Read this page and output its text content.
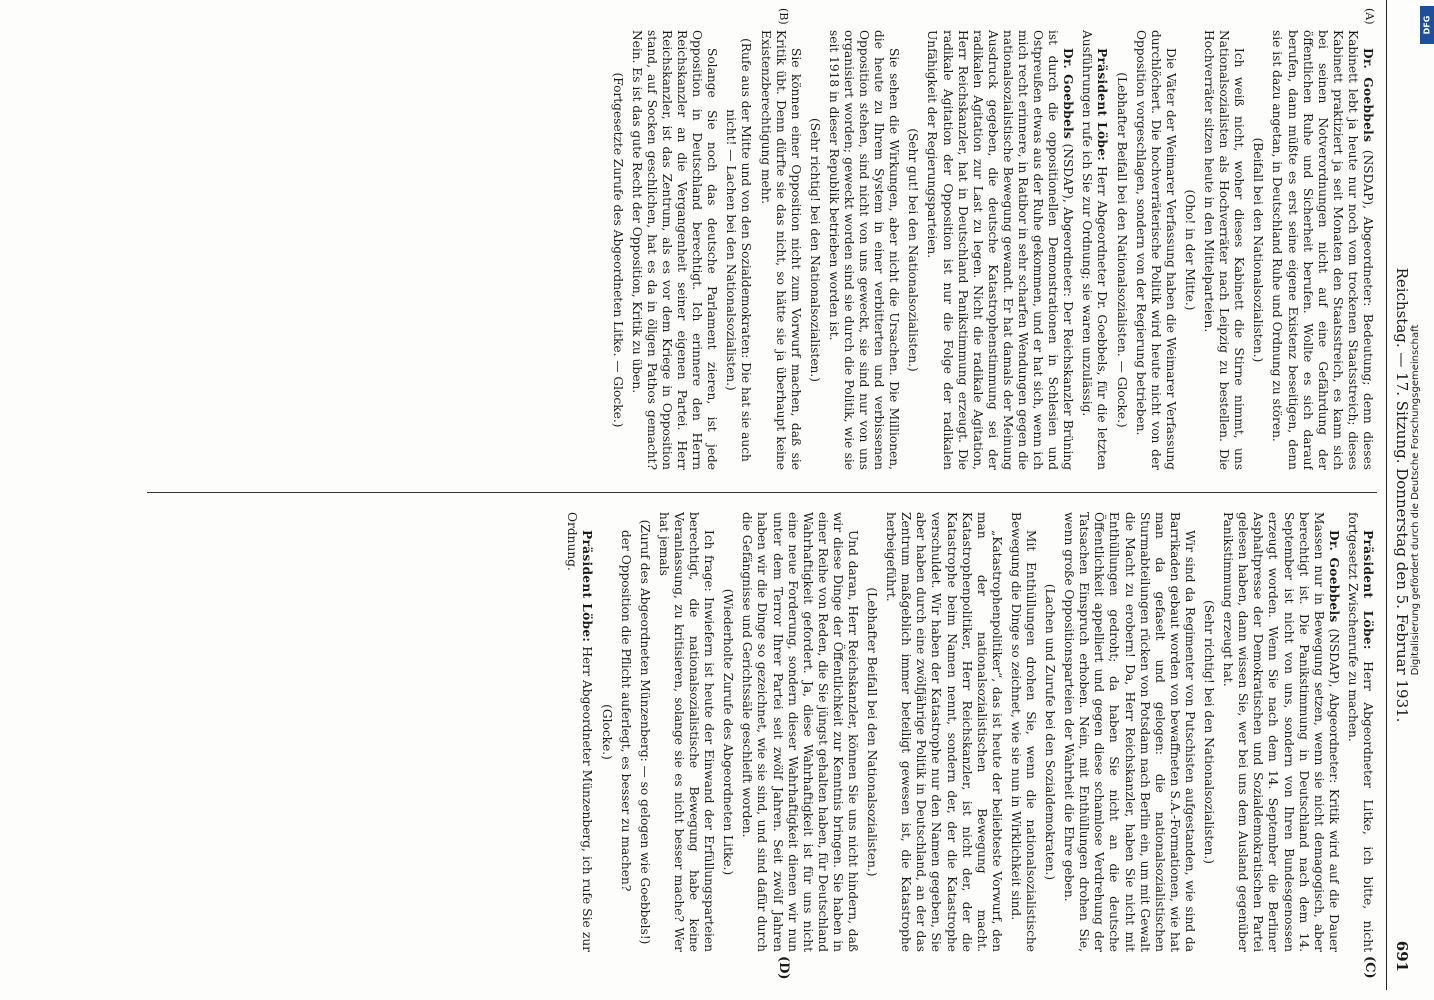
Reichstag. — 17. Sitzung. Donnerstag den 5. Februar 1931.
691
(A)
(B)
(C)
(D)

Dr. Goebbels (NSDAP), Abgeordneter: Bedeutung; denn dieses Kabinett lebt ja heute nur noch vom trockenen Staatsstreich; dieses Kabinett praktiziert ja seit Monaten den Staatsstreich, es kann sich bei seinen Notverordnungen nicht auf eine Gefährdung der öffentlichen Ruhe und Sicherheit berufen. Wollte es sich darauf berufen, dann müßte es erst seine eigene Existenz beseitigen, denn sie ist dazu angetan, in Deutschland Ruhe und Ordnung zu stören.

(Beifall bei den Nationalsozialisten.)

Ich weiß nicht, woher dieses Kabinett die Stirne nimmt, uns Nationalsozialisten als Hochverräter nach Leipzig zu bestellen. Die Hochverräter sitzen heute in den Mittelparteien.

(Oho! in der Mitte.)

Die Väter der Weimarer Verfassung haben die Weimarer Verfassung durchlöchert. Die hochverräterische Politik wird heute nicht von der Opposition vorgeschlagen, sondern von der Regierung betrieben.

(Lebhafter Beifall bei den Nationalsozialisten. — Glocke.)

Präsident Löbe: Herr Abgeordneter Dr. Goebbels, für die letzten Ausführungen rufe ich Sie zur Ordnung; sie waren unzulässig.

Dr. Goebbels (NSDAP), Abgeordneter: Der Reichskanzler Brüning ist durch die oppositionellen Demonstrationen in Schlesien und Ostpreußen etwas aus der Ruhe gekommen, und er hat sich, wenn ich mich recht erinnere, in Ratibor in sehr scharfen Wendungen gegen die nationalsozialistische Bewegung gewandt. Er hat damals der Meinung Ausdruck gegeben, die deutsche Katastrophenstimmung sei der radikalen Agitation zur Last zu legen. Nicht die radikale Agitation, Herr Reichskanzler, hat in Deutschland Panikstimmung erzeugt. Die radikale Agitation der Opposition ist nur die Folge der radikalen Unfähigkeit der Regierungsparteien.

(Sehr gut! bei den Nationalsozialisten.)

Sie sehen die Wirkungen, aber nicht die Ursachen. Die Millionen, die heute zu Ihrem System in einer verbitterten und verbissenen Opposition stehen, sind nicht von uns geweckt, sie sind nur von uns organisiert worden; geweckt worden sind sie durch die Politik, wie sie seit 1918 in dieser Republik betrieben worden ist.

(Sehr richtig! bei den Nationalsozialisten.)

Sie können einer Opposition nicht zum Vorwurf machen, daß sie Kritik übt. Denn dürfte sie das nicht, so hätte sie ja überhaupt keine Existenzberechtigung mehr.

(Rufe aus der Mitte und von den Sozialdemokraten: Die hat sie auch nicht! — Lachen bei den Nationalsozialisten.)

Solange Sie noch das deutsche Parlament zieren, ist jede Opposition in Deutschland berechtigt. Ich erinnere den Herrn Reichskanzler an die Vergangenheit seiner eigenen Partei. Herr Reichskanzler, ist das Zentrum, als es vor dem Kriege in Opposition stand, auf Socken geschlichen, hat es da in öligen Pathos gemacht? Nein. Es ist das gute Recht der Opposition, Kritik zu üben.

(Fortgesetzte Zurufe des Abgeordneten Litke. — Glocke.)

Präsident Löbe: Herr Abgeordneter Litke, ich bitte, nicht fortgesetzt Zwischenrufe zu machen.

Dr. Goebbels (NSDAP), Abgeordneter: Kritik wird auf die Dauer Massen nur in Bewegung setzen, wenn sie nicht demagogisch, aber berechtigt ist. Die Panikstimmung in Deutschland nach dem 14. September ist nicht von uns, sondern von Ihren Bundesgenossen erzeugt worden. Wenn Sie nach dem 14. September die Berliner Asphaltpresse der Demokratischen und Sozialdemokratischen Partei gelesen haben, dann wissen Sie, wer bei uns dem Ausland gegenüber Panikstimmung erzeugt hat.

(Sehr richtig! bei den Nationalsozialisten.)

Wir sind da Regimenter von Putschisten aufgestanden, wie sind da Barrikaden gebaut worden von bewaffneten S.A.-Formationen, wie hat man da gefaselt und gelogen: die nationalsozialistischen Sturmabteilungen rücken von Potsdam nach Berlin ein, um mit Gewalt die Macht zu erobern! Da, Herr Reichskanzler, haben Sie nicht mit Enthüllungen gedroht; da haben Sie nicht an die deutsche Öffentlichkeit appelliert und gegen diese schamlose Verdrehung der Tatsachen Einspruch erhoben. Nein, mit Enthüllungen drohen Sie, wenn große Oppositionsparteien der Wahrheit die Ehre geben.

(Lachen und Zurufe bei den Sozialdemokraten.)

Mit Enthüllungen drohen Sie, wenn die nationalsozialistische Bewegung die Dinge so zeichnet, wie sie nun in Wirklichkeit sind.

„Katastrophenpolitiker“, das ist heute der beliebteste Vorwurf, den man der nationalsozialistischen Bewegung macht. Katastrophenpolitiker, Herr Reichskanzler, ist nicht der, der die Katastrophe beim Namen nennt, sondern der, der die Katastrophe verschuldet. Wir haben der Katastrophe nur den Namen gegeben, Sie aber haben durch eine zwölfjährige Politik in Deutschland, an der das Zentrum maßgeblich immer beteiligt gewesen ist, die Katastrophe herbeigeführt.

(Lebhafter Beifall bei den Nationalsozialisten.)

Und daran, Herr Reichskanzler, können Sie uns nicht hindern, daß wir diese Dinge der Öffentlichkeit zur Kenntnis bringen. Sie haben in einer Reihe von Reden, die Sie jüngst gehalten haben, für Deutschland Wahrhaftigkeit gefordert. Ja, diese Wahrhaftigkeit ist für uns nicht eine neue Forderung, sondern dieser Wahrhaftigkeit dienen wir nun unter dem Terror Ihrer Partei seit zwölf Jahren. Seit zwölf Jahren haben wir die Dinge so gezeichnet, wie sie sind, und sind dafür durch die Gefängnisse und Gerichtssäle geschleift worden.

(Wiederholte Zurufe des Abgeordneten Litke.)

Ich frage: Inwiefern ist heute der Einwand der Erfüllungsparteien berechtigt, die nationalsozialistische Bewegung habe keine Veranlassung, zu kritisieren, solange sie es nicht besser mache? Wer hat jemals

(Zuruf des Abgeordneten Münzenberg: — so gelogen wie Goebbels!)

der Opposition die Pflicht auferlegt, es besser zu machen?

(Glocke.)

Präsident Löbe: Herr Abgeordneter Münzenberg, ich rufe Sie zur Ordnung.	Digitalisierung gefördert durch die Deutsche Forschungsgemeinschaft
DFG
